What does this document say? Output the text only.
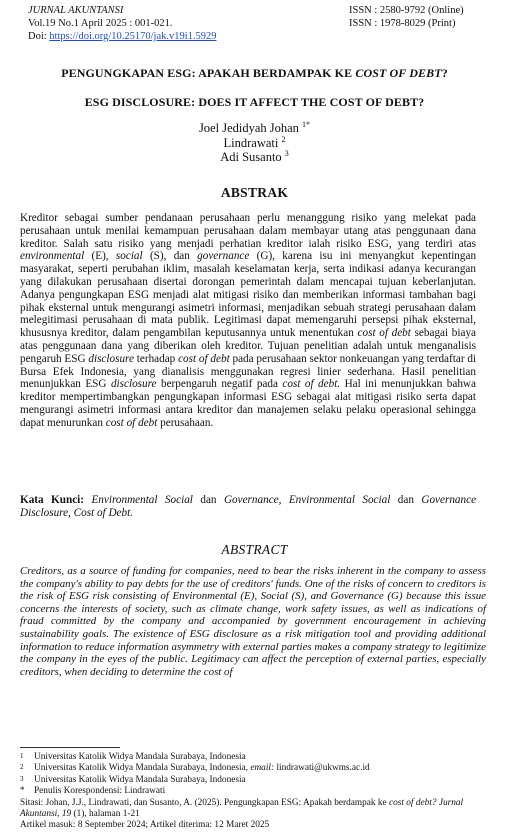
JURNAL AKUNTANSI
Vol.19 No.1 April 2025 : 001-021.
Doi: https://doi.org/10.25170/jak.v19i1.5929
ISSN : 2580-9792 (Online)
ISSN : 1978-8029 (Print)
PENGUNGKAPAN ESG: APAKAH BERDAMPAK KE COST OF DEBT?
ESG DISCLOSURE: DOES IT AFFECT THE COST OF DEBT?
Joel Jedidyah Johan $^{1*}$
Lindrawati $^2$
Adi Susanto $^3$
ABSTRAK
Kreditor sebagai sumber pendanaan perusahaan perlu menanggung risiko yang melekat pada perusahaan untuk menilai kemampuan perusahaan dalam membayar utang atas penggunaan dana kreditor. Salah satu risiko yang menjadi perhatian kreditor ialah risiko ESG, yang terdiri atas environmental (E), social (S), dan governance (G), karena isu ini menyangkut kepentingan masyarakat, seperti perubahan iklim, masalah keselamatan kerja, serta indikasi adanya kecurangan yang dilakukan perusahaan disertai dorongan pemerintah dalam mencapai tujuan keberlanjutan. Adanya pengungkapan ESG menjadi alat mitigasi risiko dan memberikan informasi tambahan bagi pihak eksternal untuk mengurangi asimetri informasi, menjadikan sebuah strategi perusahaan dalam melegitimasi perusahaan di mata publik. Legitimasi dapat memengaruhi persepsi pihak eksternal, khususnya kreditor, dalam pengambilan keputusannya untuk menentukan cost of debt sebagai biaya atas penggunaan dana yang diberikan oleh kreditor. Tujuan penelitian adalah untuk menganalisis pengaruh ESG disclosure terhadap cost of debt pada perusahaan sektor nonkeuangan yang terdaftar di Bursa Efek Indonesia, yang dianalisis menggunakan regresi linier sederhana. Hasil penelitian menunjukkan ESG disclosure berpengaruh negatif pada cost of debt. Hal ini menunjukkan bahwa kreditor mempertimbangkan pengungkapan informasi ESG sebagai alat mitigasi risiko serta dapat mengurangi asimetri informasi antara kreditor dan manajemen selaku pelaku operasional sehingga dapat menurunkan cost of debt perusahaan.
Kata Kunci: Environmental Social dan Governance, Environmental Social dan Governance Disclosure, Cost of Debt.
ABSTRACT
Creditors, as a source of funding for companies, need to bear the risks inherent in the company to assess the company's ability to pay debts for the use of creditors' funds. One of the risks of concern to creditors is the risk of ESG risk consisting of Environmental (E), Social (S), and Governance (G) because this issue concerns the interests of society, such as climate change, work safety issues, as well as indications of fraud committed by the company and accompanied by government encouragement in achieving sustainability goals. The existence of ESG disclosure as a risk mitigation tool and providing additional information to reduce information asymmetry with external parties makes a company strategy to legitimize the company in the eyes of the public. Legitimacy can affect the perception of external parties, especially creditors, when deciding to determine the cost of
1 Universitas Katolik Widya Mandala Surabaya, Indonesia
2 Universitas Katolik Widya Mandala Surabaya, Indonesia, email: lindrawati@ukwms.ac.id
3 Universitas Katolik Widya Mandala Surabaya, Indonesia
* Penulis Korespondensi: Lindrawati
Sitasi: Johan, J.J., Lindrawati, dan Susanto, A. (2025). Pengungkapan ESG: Apakah berdampak ke cost of debt? Jurnal Akuntansi, 19 (1), halaman 1-21
Artikel masuk: 8 September 2024; Artikel diterima: 12 Maret 2025
